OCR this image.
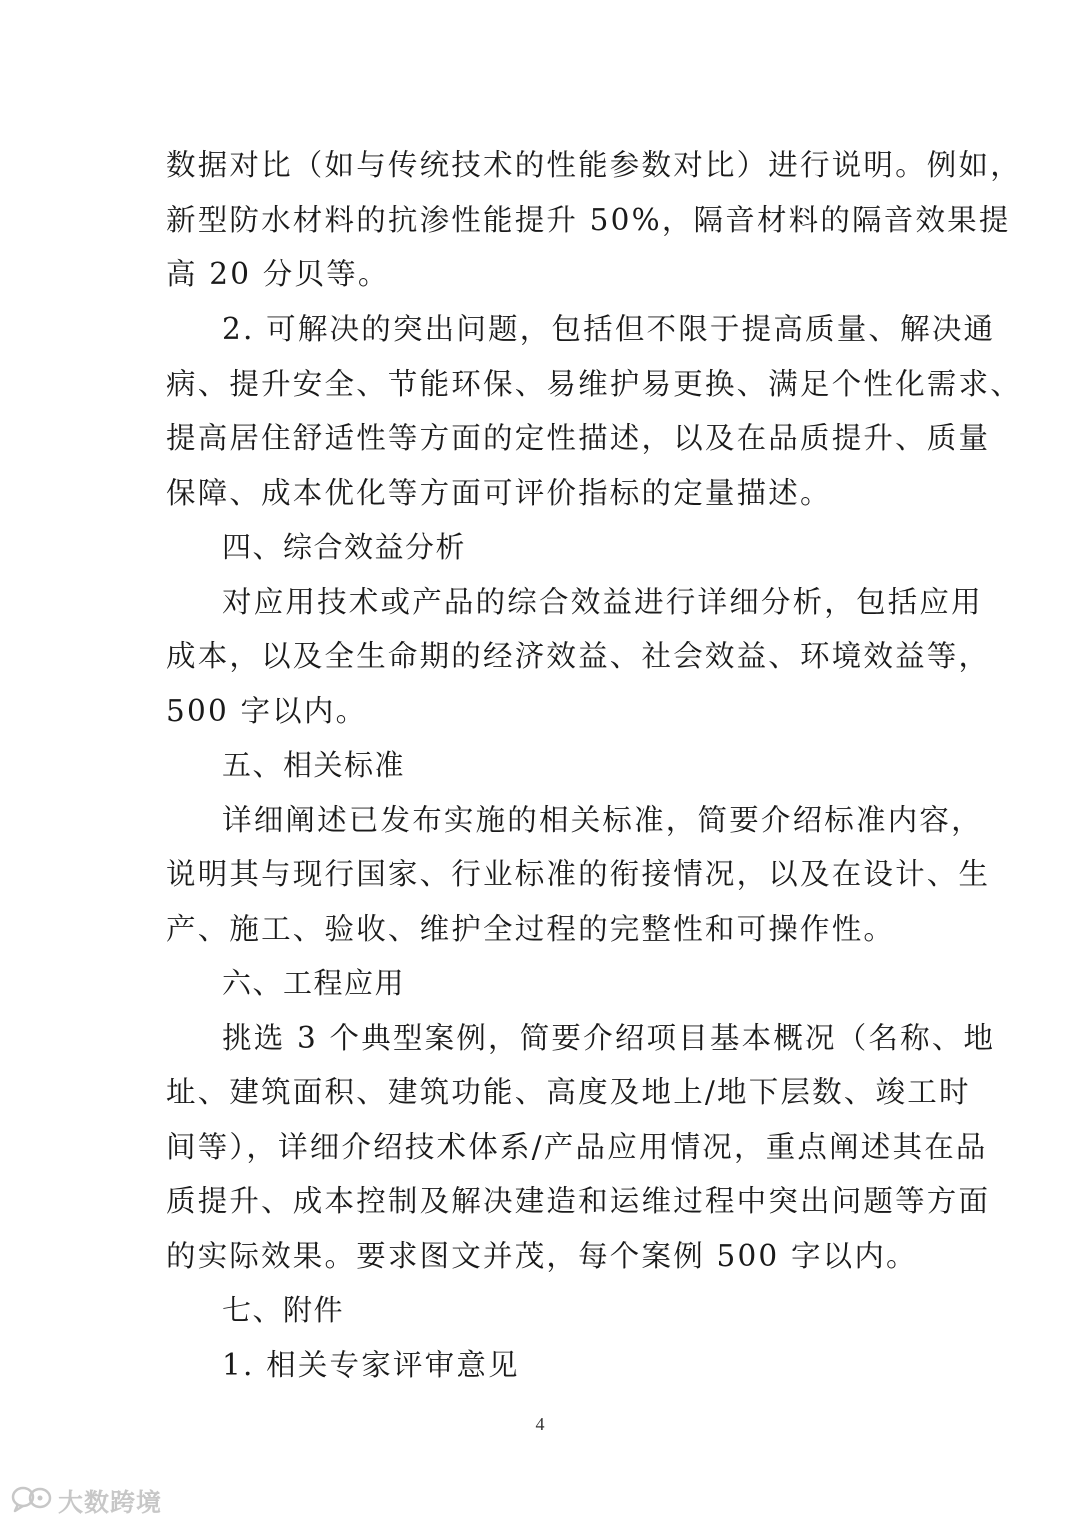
数据对比（如与传统技术的性能参数对比）进行说明。例如，
新型防水材料的抗渗性能提升 50%，隔音材料的隔音效果提
高 20 分贝等。
2. 可解决的突出问题，包括但不限于提高质量、解决通
病、提升安全、节能环保、易维护易更换、满足个性化需求、
提高居住舒适性等方面的定性描述，以及在品质提升、质量
保障、成本优化等方面可评价指标的定量描述。
四、综合效益分析
对应用技术或产品的综合效益进行详细分析，包括应用
成本，以及全生命期的经济效益、社会效益、环境效益等，
500 字以内。
五、相关标准
详细阐述已发布实施的相关标准，简要介绍标准内容，
说明其与现行国家、行业标准的衔接情况，以及在设计、生
产、施工、验收、维护全过程的完整性和可操作性。
六、工程应用
挑选 3 个典型案例，简要介绍项目基本概况（名称、地
址、建筑面积、建筑功能、高度及地上/地下层数、竣工时
间等），详细介绍技术体系/产品应用情况，重点阐述其在品
质提升、成本控制及解决建造和运维过程中突出问题等方面
的实际效果。要求图文并茂，每个案例 500 字以内。
七、附件
1. 相关专家评审意见
4
大数跨境
